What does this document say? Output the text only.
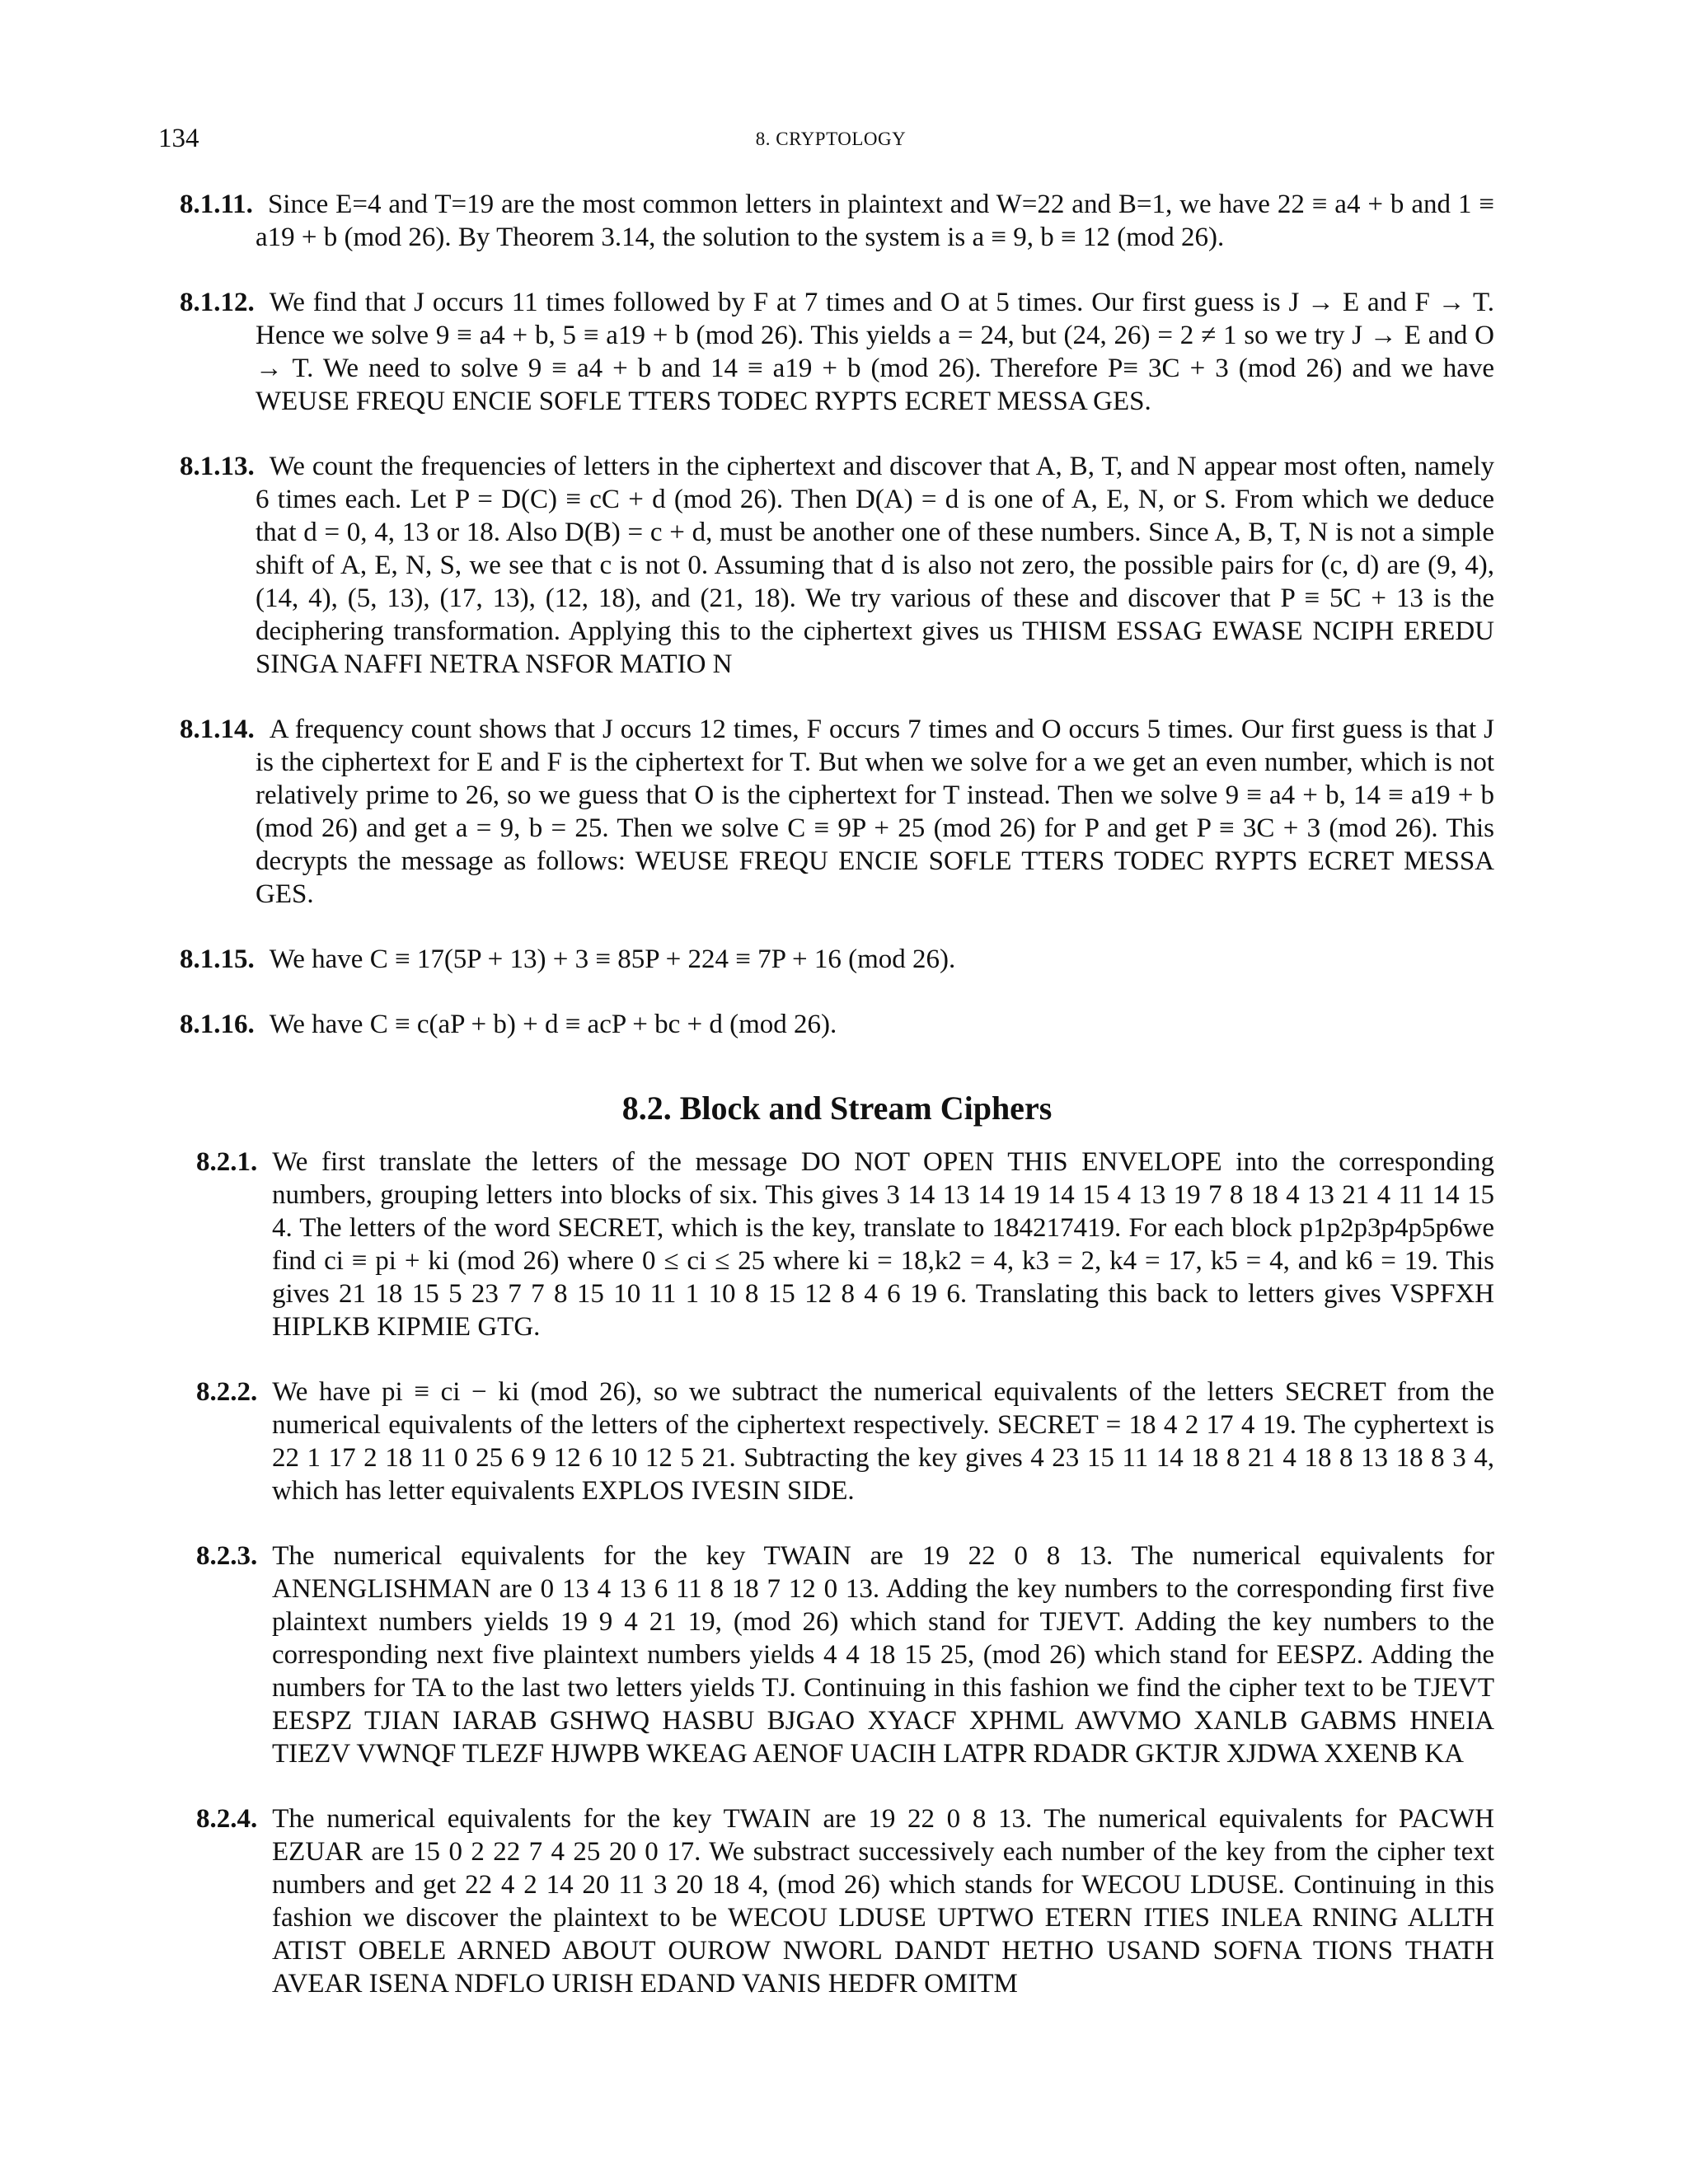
134	8. CRYPTOLOGY

8.1.11. Since E=4 and T=19 are the most common letters in plaintext and W=22 and B=1, we have 22 ≡ a4 + b and 1 ≡ a19 + b (mod 26). By Theorem 3.14, the solution to the system is a ≡ 9, b ≡ 12 (mod 26).

8.1.12. We find that J occurs 11 times followed by F at 7 times and O at 5 times. Our first guess is J → E and F → T. Hence we solve 9 ≡ a4 + b, 5 ≡ a19 + b (mod 26). This yields a = 24, but (24, 26) = 2 ≠ 1 so we try J → E and O → T. We need to solve 9 ≡ a4 + b and 14 ≡ a19 + b (mod 26). Therefore P≡ 3C + 3 (mod 26) and we have WEUSE FREQU ENCIE SOFLE TTERS TODEC RYPTS ECRET MESSA GES.

8.1.13. We count the frequencies of letters in the ciphertext and discover that A, B, T, and N appear most often, namely 6 times each. Let P = D(C) ≡ cC + d (mod 26). Then D(A) = d is one of A, E, N, or S. From which we deduce that d = 0, 4, 13 or 18. Also D(B) = c + d, must be another one of these numbers. Since A, B, T, N is not a simple shift of A, E, N, S, we see that c is not 0. Assuming that d is also not zero, the possible pairs for (c, d) are (9, 4), (14, 4), (5, 13), (17, 13), (12, 18), and (21, 18). We try various of these and discover that P ≡ 5C + 13 is the deciphering transformation. Applying this to the ciphertext gives us THISM ESSAG EWASE NCIPH EREDU SINGA NAFFI NETRA NSFOR MATIO N

8.1.14. A frequency count shows that J occurs 12 times, F occurs 7 times and O occurs 5 times. Our first guess is that J is the ciphertext for E and F is the ciphertext for T. But when we solve for a we get an even number, which is not relatively prime to 26, so we guess that O is the ciphertext for T instead. Then we solve 9 ≡ a4 + b, 14 ≡ a19 + b (mod 26) and get a = 9, b = 25. Then we solve C ≡ 9P + 25 (mod 26) for P and get P ≡ 3C + 3 (mod 26). This decrypts the message as follows: WEUSE FREQU ENCIE SOFLE TTERS TODEC RYPTS ECRET MESSA GES.

8.1.15. We have C ≡ 17(5P + 13) + 3 ≡ 85P + 224 ≡ 7P + 16 (mod 26).

8.1.16. We have C ≡ c(aP + b) + d ≡ acP + bc + d (mod 26).

8.2. Block and Stream Ciphers

8.2.1. We first translate the letters of the message DO NOT OPEN THIS ENVELOPE into the corresponding numbers, grouping letters into blocks of six. This gives 3 14 13 14 19 14 15 4 13 19 7 8 18 4 13 21 4 11 14 15 4. The letters of the word SECRET, which is the key, translate to 184217419. For each block p1p2p3p4p5p6we find ci ≡ pi + ki (mod 26) where 0 ≤ ci ≤ 25 where ki = 18,k2 = 4, k3 = 2, k4 = 17, k5 = 4, and k6 = 19. This gives 21 18 15 5 23 7 7 8 15 10 11 1 10 8 15 12 8 4 6 19 6. Translating this back to letters gives VSPFXH HIPLKB KIPMIE GTG.

8.2.2. We have pi ≡ ci − ki (mod 26), so we subtract the numerical equivalents of the letters SECRET from the numerical equivalents of the letters of the ciphertext respectively. SECRET = 18 4 2 17 4 19. The cyphertext is 22 1 17 2 18 11 0 25 6 9 12 6 10 12 5 21. Subtracting the key gives 4 23 15 11 14 18 8 21 4 18 8 13 18 8 3 4, which has letter equivalents EXPLOS IVESIN SIDE.

8.2.3. The numerical equivalents for the key TWAIN are 19 22 0 8 13. The numerical equivalents for ANENGLISHMAN are 0 13 4 13 6 11 8 18 7 12 0 13. Adding the key numbers to the corresponding first five plaintext numbers yields 19 9 4 21 19, (mod 26) which stand for TJEVT. Adding the key numbers to the corresponding next five plaintext numbers yields 4 4 18 15 25, (mod 26) which stand for EESPZ. Adding the numbers for TA to the last two letters yields TJ. Continuing in this fashion we find the cipher text to be TJEVT EESPZ TJIAN IARAB GSHWQ HASBU BJGAO XYACF XPHML AWVMO XANLB GABMS HNEIA TIEZV VWNQF TLEZF HJWPB WKEAG AENOF UACIH LATPR RDADR GKTJR XJDWA XXENB KA

8.2.4. The numerical equivalents for the key TWAIN are 19 22 0 8 13. The numerical equivalents for PACWH EZUAR are 15 0 2 22 7 4 25 20 0 17. We substract successively each number of the key from the cipher text numbers and get 22 4 2 14 20 11 3 20 18 4, (mod 26) which stands for WECOU LDUSE. Continuing in this fashion we discover the plaintext to be WECOU LDUSE UPTWO ETERN ITIES INLEA RNING ALLTH ATIST OBELE ARNED ABOUT OUROW NWORL DANDT HETHO USAND SOFNA TIONS THATH AVEAR ISENA NDFLO URISH EDAND VANIS HEDFR OMITM
